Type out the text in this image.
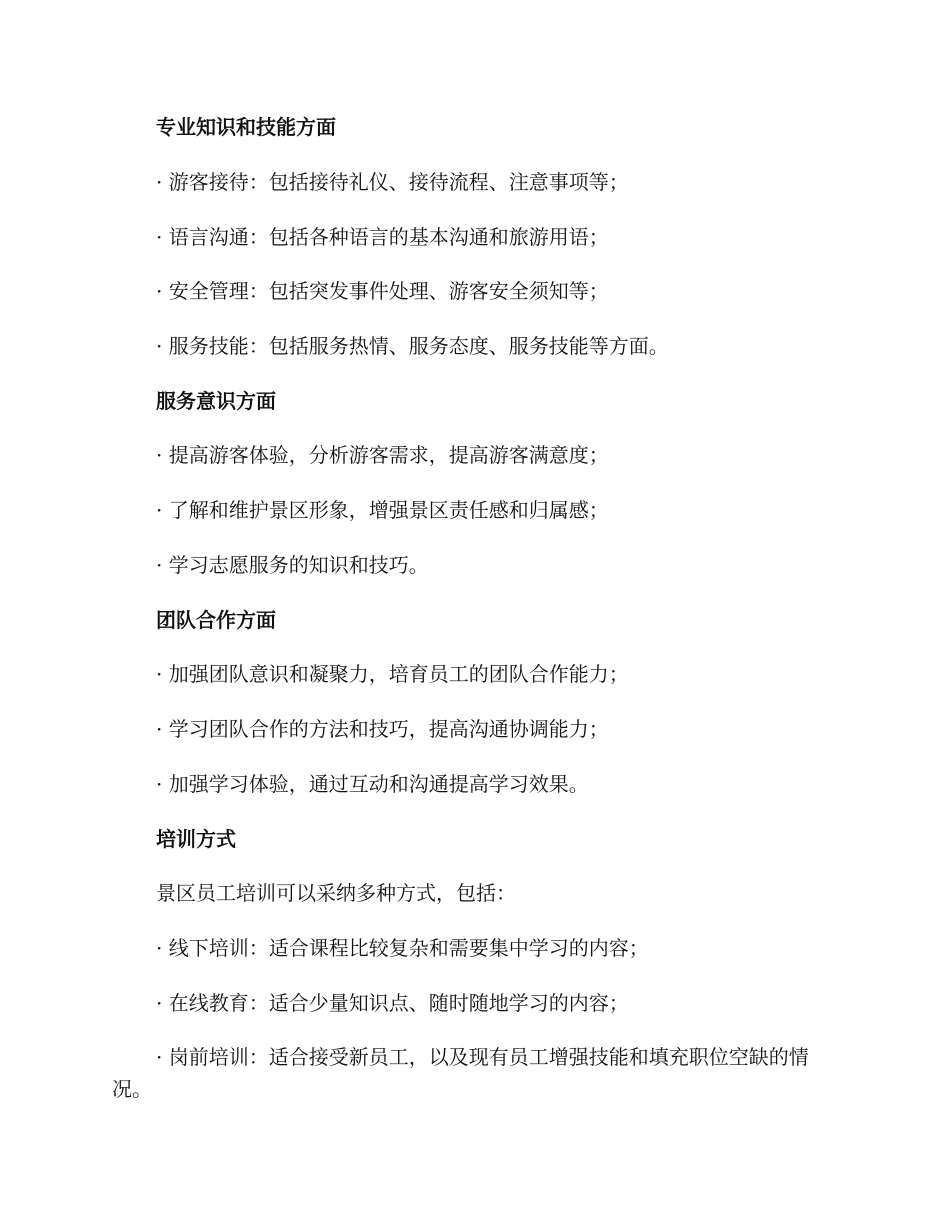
专业知识和技能方面
· 游客接待：包括接待礼仪、接待流程、注意事项等；
· 语言沟通：包括各种语言的基本沟通和旅游用语；
· 安全管理：包括突发事件处理、游客安全须知等；
· 服务技能：包括服务热情、服务态度、服务技能等方面。
服务意识方面
· 提高游客体验，分析游客需求，提高游客满意度；
· 了解和维护景区形象，增强景区责任感和归属感；
· 学习志愿服务的知识和技巧。
团队合作方面
· 加强团队意识和凝聚力，培育员工的团队合作能力；
· 学习团队合作的方法和技巧，提高沟通协调能力；
· 加强学习体验，通过互动和沟通提高学习效果。
培训方式
景区员工培训可以采纳多种方式，包括：
· 线下培训：适合课程比较复杂和需要集中学习的内容；
· 在线教育：适合少量知识点、随时随地学习的内容；
· 岗前培训：适合接受新员工，以及现有员工增强技能和填充职位空缺的情况。
